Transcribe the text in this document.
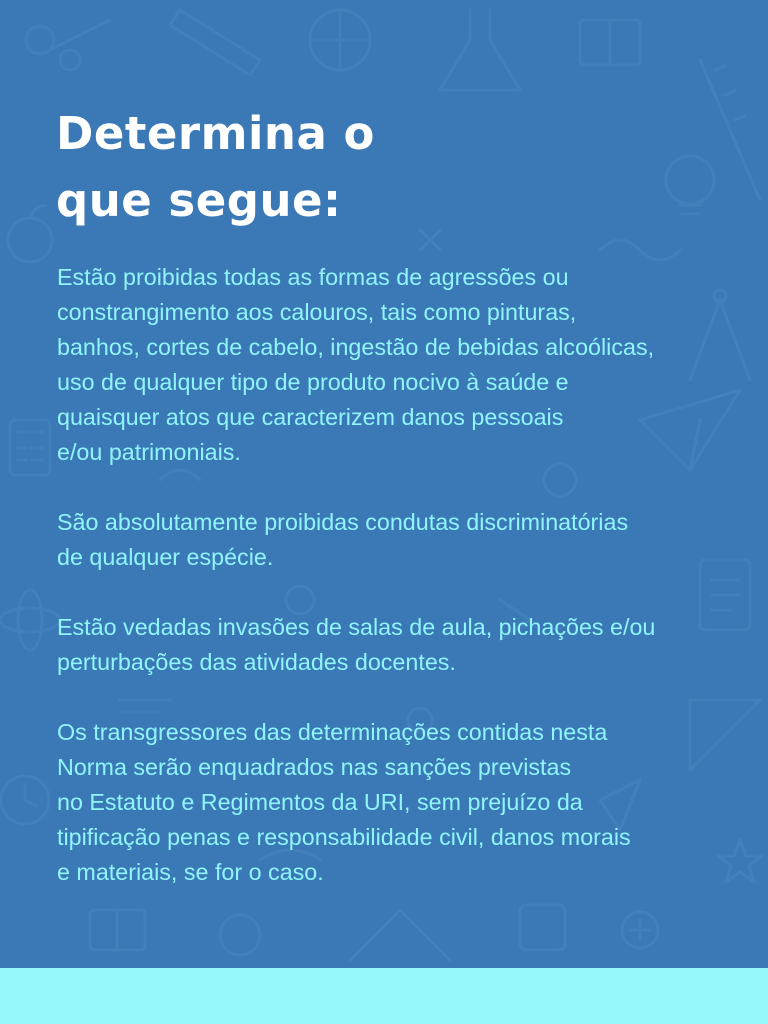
Determina o
que segue:

Estão proibidas todas as formas de agressões ou
constrangimento aos calouros, tais como pinturas,
banhos, cortes de cabelo, ingestão de bebidas alcoólicas,
uso de qualquer tipo de produto nocivo à saúde e
quaisquer atos que caracterizem danos pessoais
e/ou patrimoniais.

São absolutamente proibidas condutas discriminatórias
de qualquer espécie.

Estão vedadas invasões de salas de aula, pichações e/ou
perturbações das atividades docentes.

Os transgressores das determinações contidas nesta
Norma serão enquadrados nas sanções previstas
no Estatuto e Regimentos da URI, sem prejuízo da
tipificação penas e responsabilidade civil, danos morais
e materiais, se for o caso.
